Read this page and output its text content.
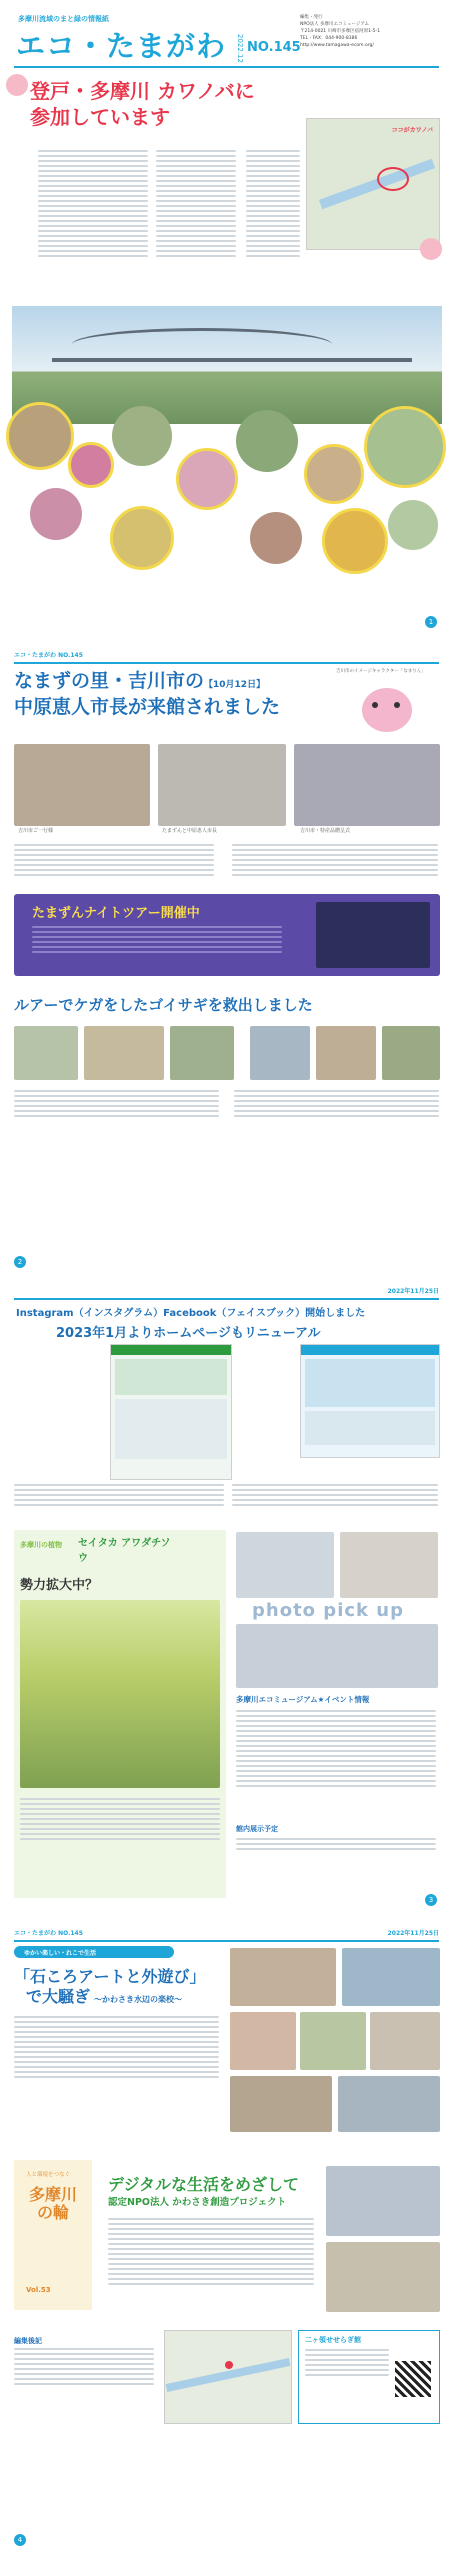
多摩川流域のまと緑の情報紙
エコ・たまがわ 2022.12 NO.145
編集・発行
NPO法人 多摩川エコミュージアム
〒214-0021 川崎市多摩区宿河原1-5-1
TEL・FAX：044-900-8386
http://www.tamagawa-ecom.org/
登戸・多摩川 カワノバに
参加しています
ココがカワノバ
1
エコ・たまがわ NO.145
なまずの里・吉川市の【10月12日】
中原恵人市長が来館されました
吉川市のイメージキャラクター「なまりん」
吉川市ご一行様	たまずんと中原恵人市長	吉川市・特産品贈呈式
たまずんナイトツアー開催中
ルアーでケガをしたゴイサギを救出しました
2
2022年11月25日
Instagram（インスタグラム）Facebook（フェイスブック）開始しました
2023年1月よりホームページもリニューアル
多摩川の植物 セイタカ アワダチソウ
勢力拡大中？
photo pick up
多摩川エコミュージアム★イベント情報
館内展示予定
3
エコ・たまがわ NO.145	2022年11月25日
ゆかい楽しい・れこで生活
「石ころアートと外遊び」
で大騒ぎ 〜かわさき水辺の楽校〜
人と環境をつなぐ
多摩川の輪
Vol.53
デジタルな生活をめざして
認定NPO法人 かわさき創造プロジェクト
編集後記	二ヶ領せせらぎ館
4
